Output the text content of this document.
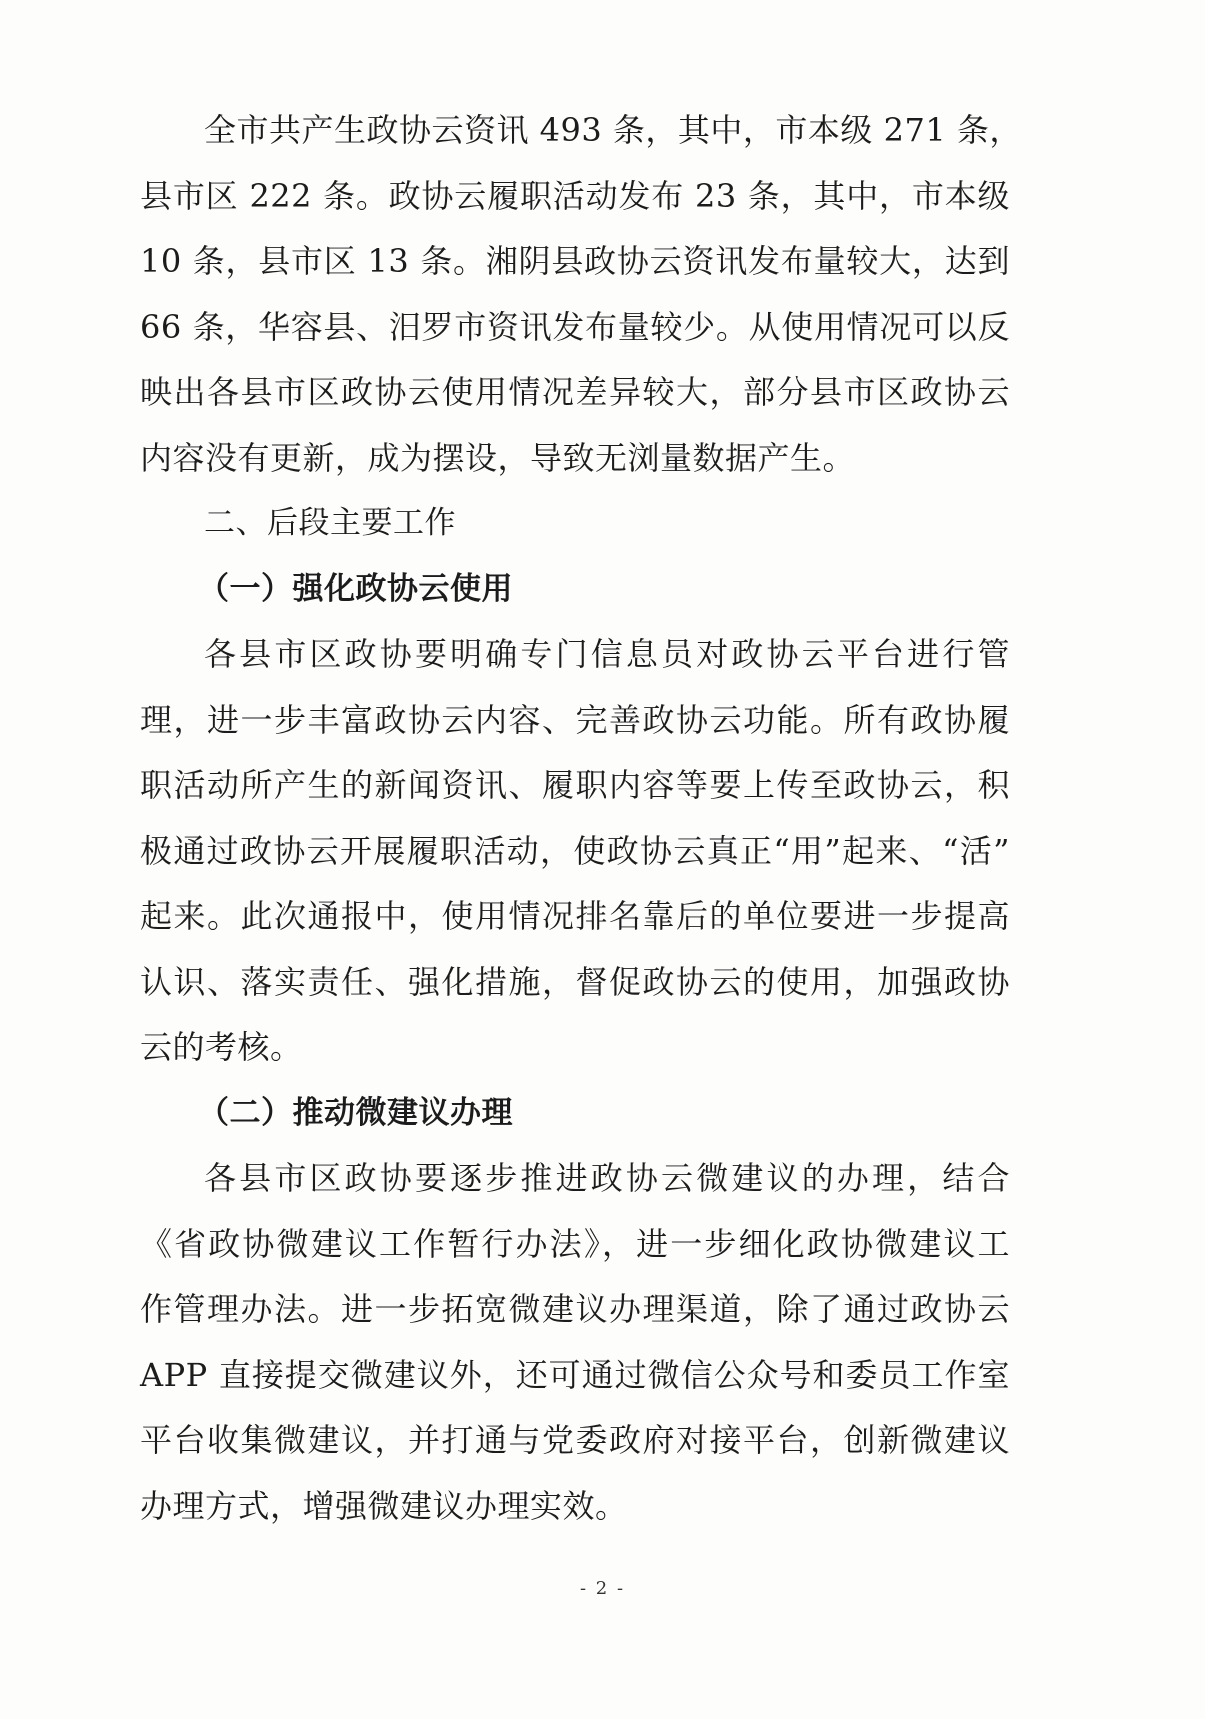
全市共产生政协云资讯 493 条，其中，市本级 271 条，
县市区 222 条。政协云履职活动发布 23 条，其中，市本级
10 条，县市区 13 条。湘阴县政协云资讯发布量较大，达到
66 条，华容县、汨罗市资讯发布量较少。从使用情况可以反
映出各县市区政协云使用情况差异较大，部分县市区政协云
内容没有更新，成为摆设，导致无浏量数据产生。
二、后段主要工作
（一）强化政协云使用
各县市区政协要明确专门信息员对政协云平台进行管
理，进一步丰富政协云内容、完善政协云功能。所有政协履
职活动所产生的新闻资讯、履职内容等要上传至政协云，积
极通过政协云开展履职活动，使政协云真正“用”起来、“活”
起来。此次通报中，使用情况排名靠后的单位要进一步提高
认识、落实责任、强化措施，督促政协云的使用，加强政协
云的考核。
（二）推动微建议办理
各县市区政协要逐步推进政协云微建议的办理，结合
《省政协微建议工作暂行办法》，进一步细化政协微建议工
作管理办法。进一步拓宽微建议办理渠道，除了通过政协云
APP 直接提交微建议外，还可通过微信公众号和委员工作室
平台收集微建议，并打通与党委政府对接平台，创新微建议
办理方式，增强微建议办理实效。
- 2 -
